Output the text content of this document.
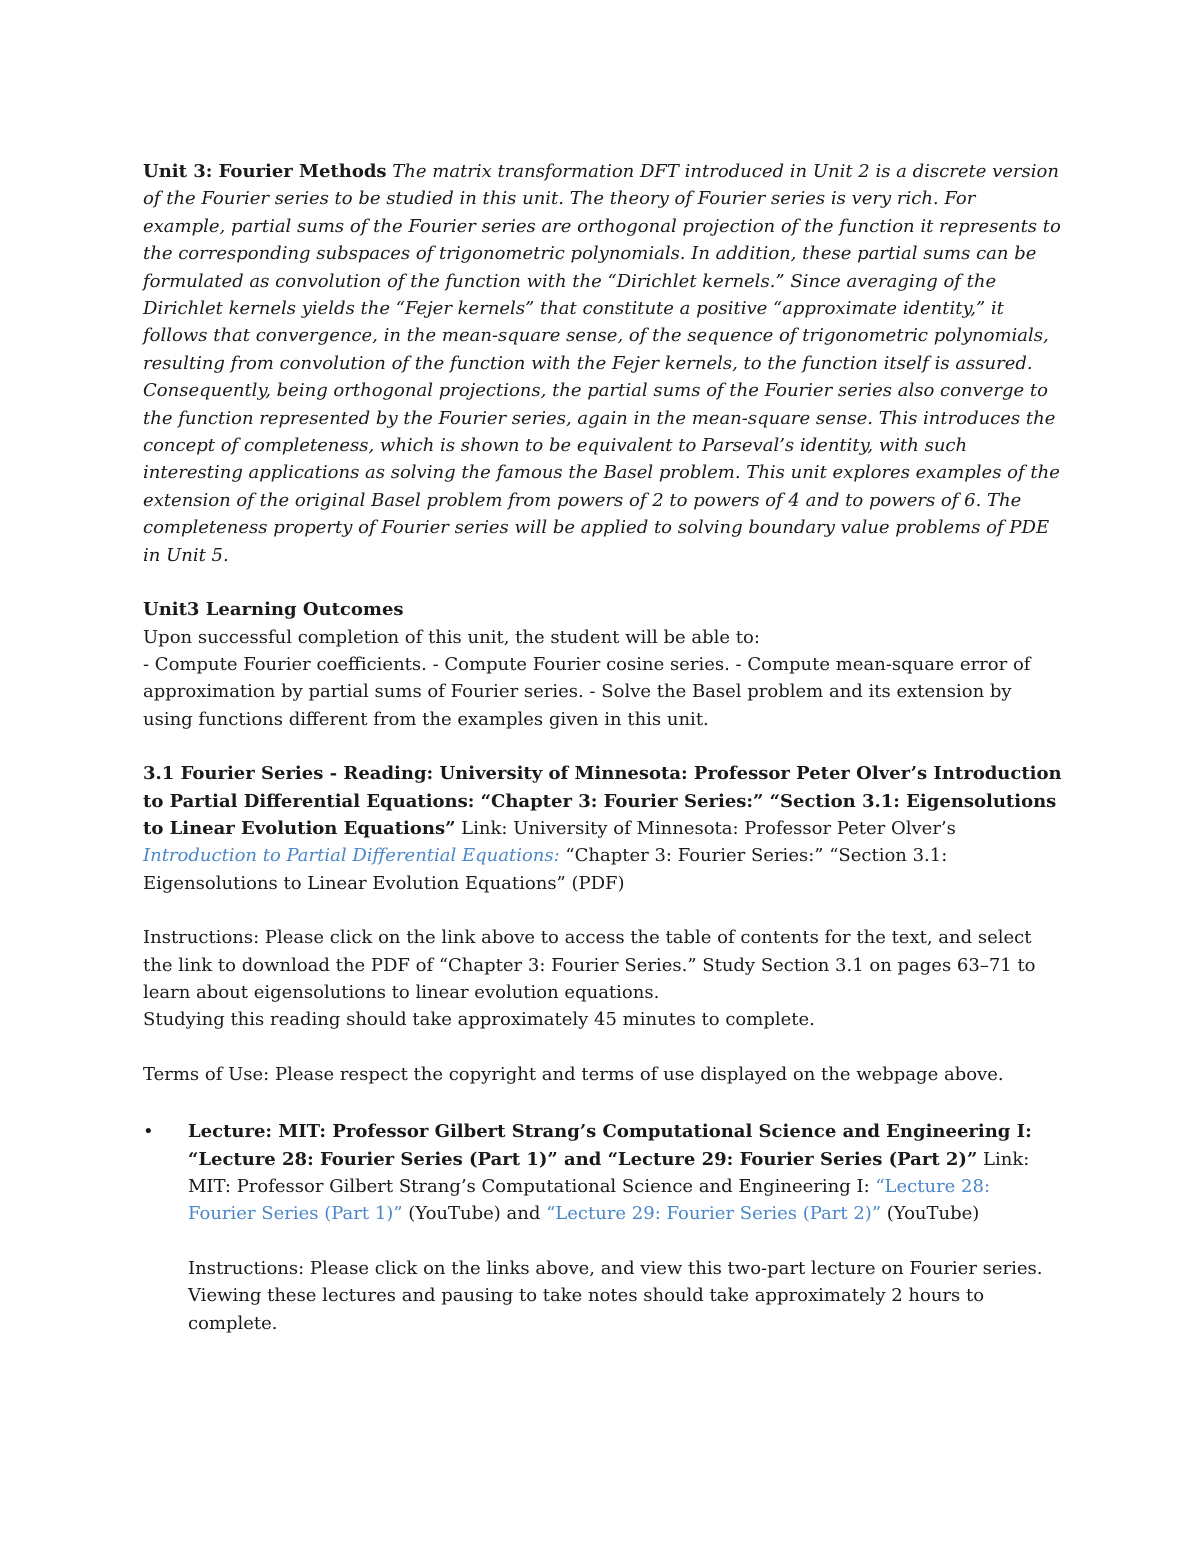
Unit 3: Fourier Methods The matrix transformation DFT introduced in Unit 2 is a discrete version of the Fourier series to be studied in this unit. The theory of Fourier series is very rich. For example, partial sums of the Fourier series are orthogonal projection of the function it represents to the corresponding subspaces of trigonometric polynomials. In addition, these partial sums can be formulated as convolution of the function with the “Dirichlet kernels.” Since averaging of the Dirichlet kernels yields the “Fejer kernels” that constitute a positive “approximate identity,” it follows that convergence, in the mean-square sense, of the sequence of trigonometric polynomials, resulting from convolution of the function with the Fejer kernels, to the function itself is assured. Consequently, being orthogonal projections, the partial sums of the Fourier series also converge to the function represented by the Fourier series, again in the mean-square sense. This introduces the concept of completeness, which is shown to be equivalent to Parseval’s identity, with such interesting applications as solving the famous the Basel problem. This unit explores examples of the extension of the original Basel problem from powers of 2 to powers of 4 and to powers of 6. The completeness property of Fourier series will be applied to solving boundary value problems of PDE in Unit 5.

Unit3 Learning Outcomes

Upon successful completion of this unit, the student will be able to:

- Compute Fourier coefficients. - Compute Fourier cosine series. - Compute mean-square error of approximation by partial sums of Fourier series. - Solve the Basel problem and its extension by using functions different from the examples given in this unit.

3.1 Fourier Series - Reading: University of Minnesota: Professor Peter Olver’s Introduction to Partial Differential Equations: “Chapter 3: Fourier Series:” “Section 3.1: Eigensolutions to Linear Evolution Equations” Link: University of Minnesota: Professor Peter Olver’s Introduction to Partial Differential Equations: “Chapter 3: Fourier Series:” “Section 3.1: Eigensolutions to Linear Evolution Equations” (PDF)

Instructions: Please click on the link above to access the table of contents for the text, and select the link to download the PDF of “Chapter 3: Fourier Series.” Study Section 3.1 on pages 63–71 to learn about eigensolutions to linear evolution equations.

Studying this reading should take approximately 45 minutes to complete.

Terms of Use: Please respect the copyright and terms of use displayed on the webpage above.

•	Lecture: MIT: Professor Gilbert Strang’s Computational Science and Engineering I: “Lecture 28: Fourier Series (Part 1)” and “Lecture 29: Fourier Series (Part 2)” Link: MIT: Professor Gilbert Strang’s Computational Science and Engineering I: “Lecture 28: Fourier Series (Part 1)” (YouTube) and “Lecture 29: Fourier Series (Part 2)” (YouTube)

Instructions: Please click on the links above, and view this two-part lecture on Fourier series.

Viewing these lectures and pausing to take notes should take approximately 2 hours to complete.
